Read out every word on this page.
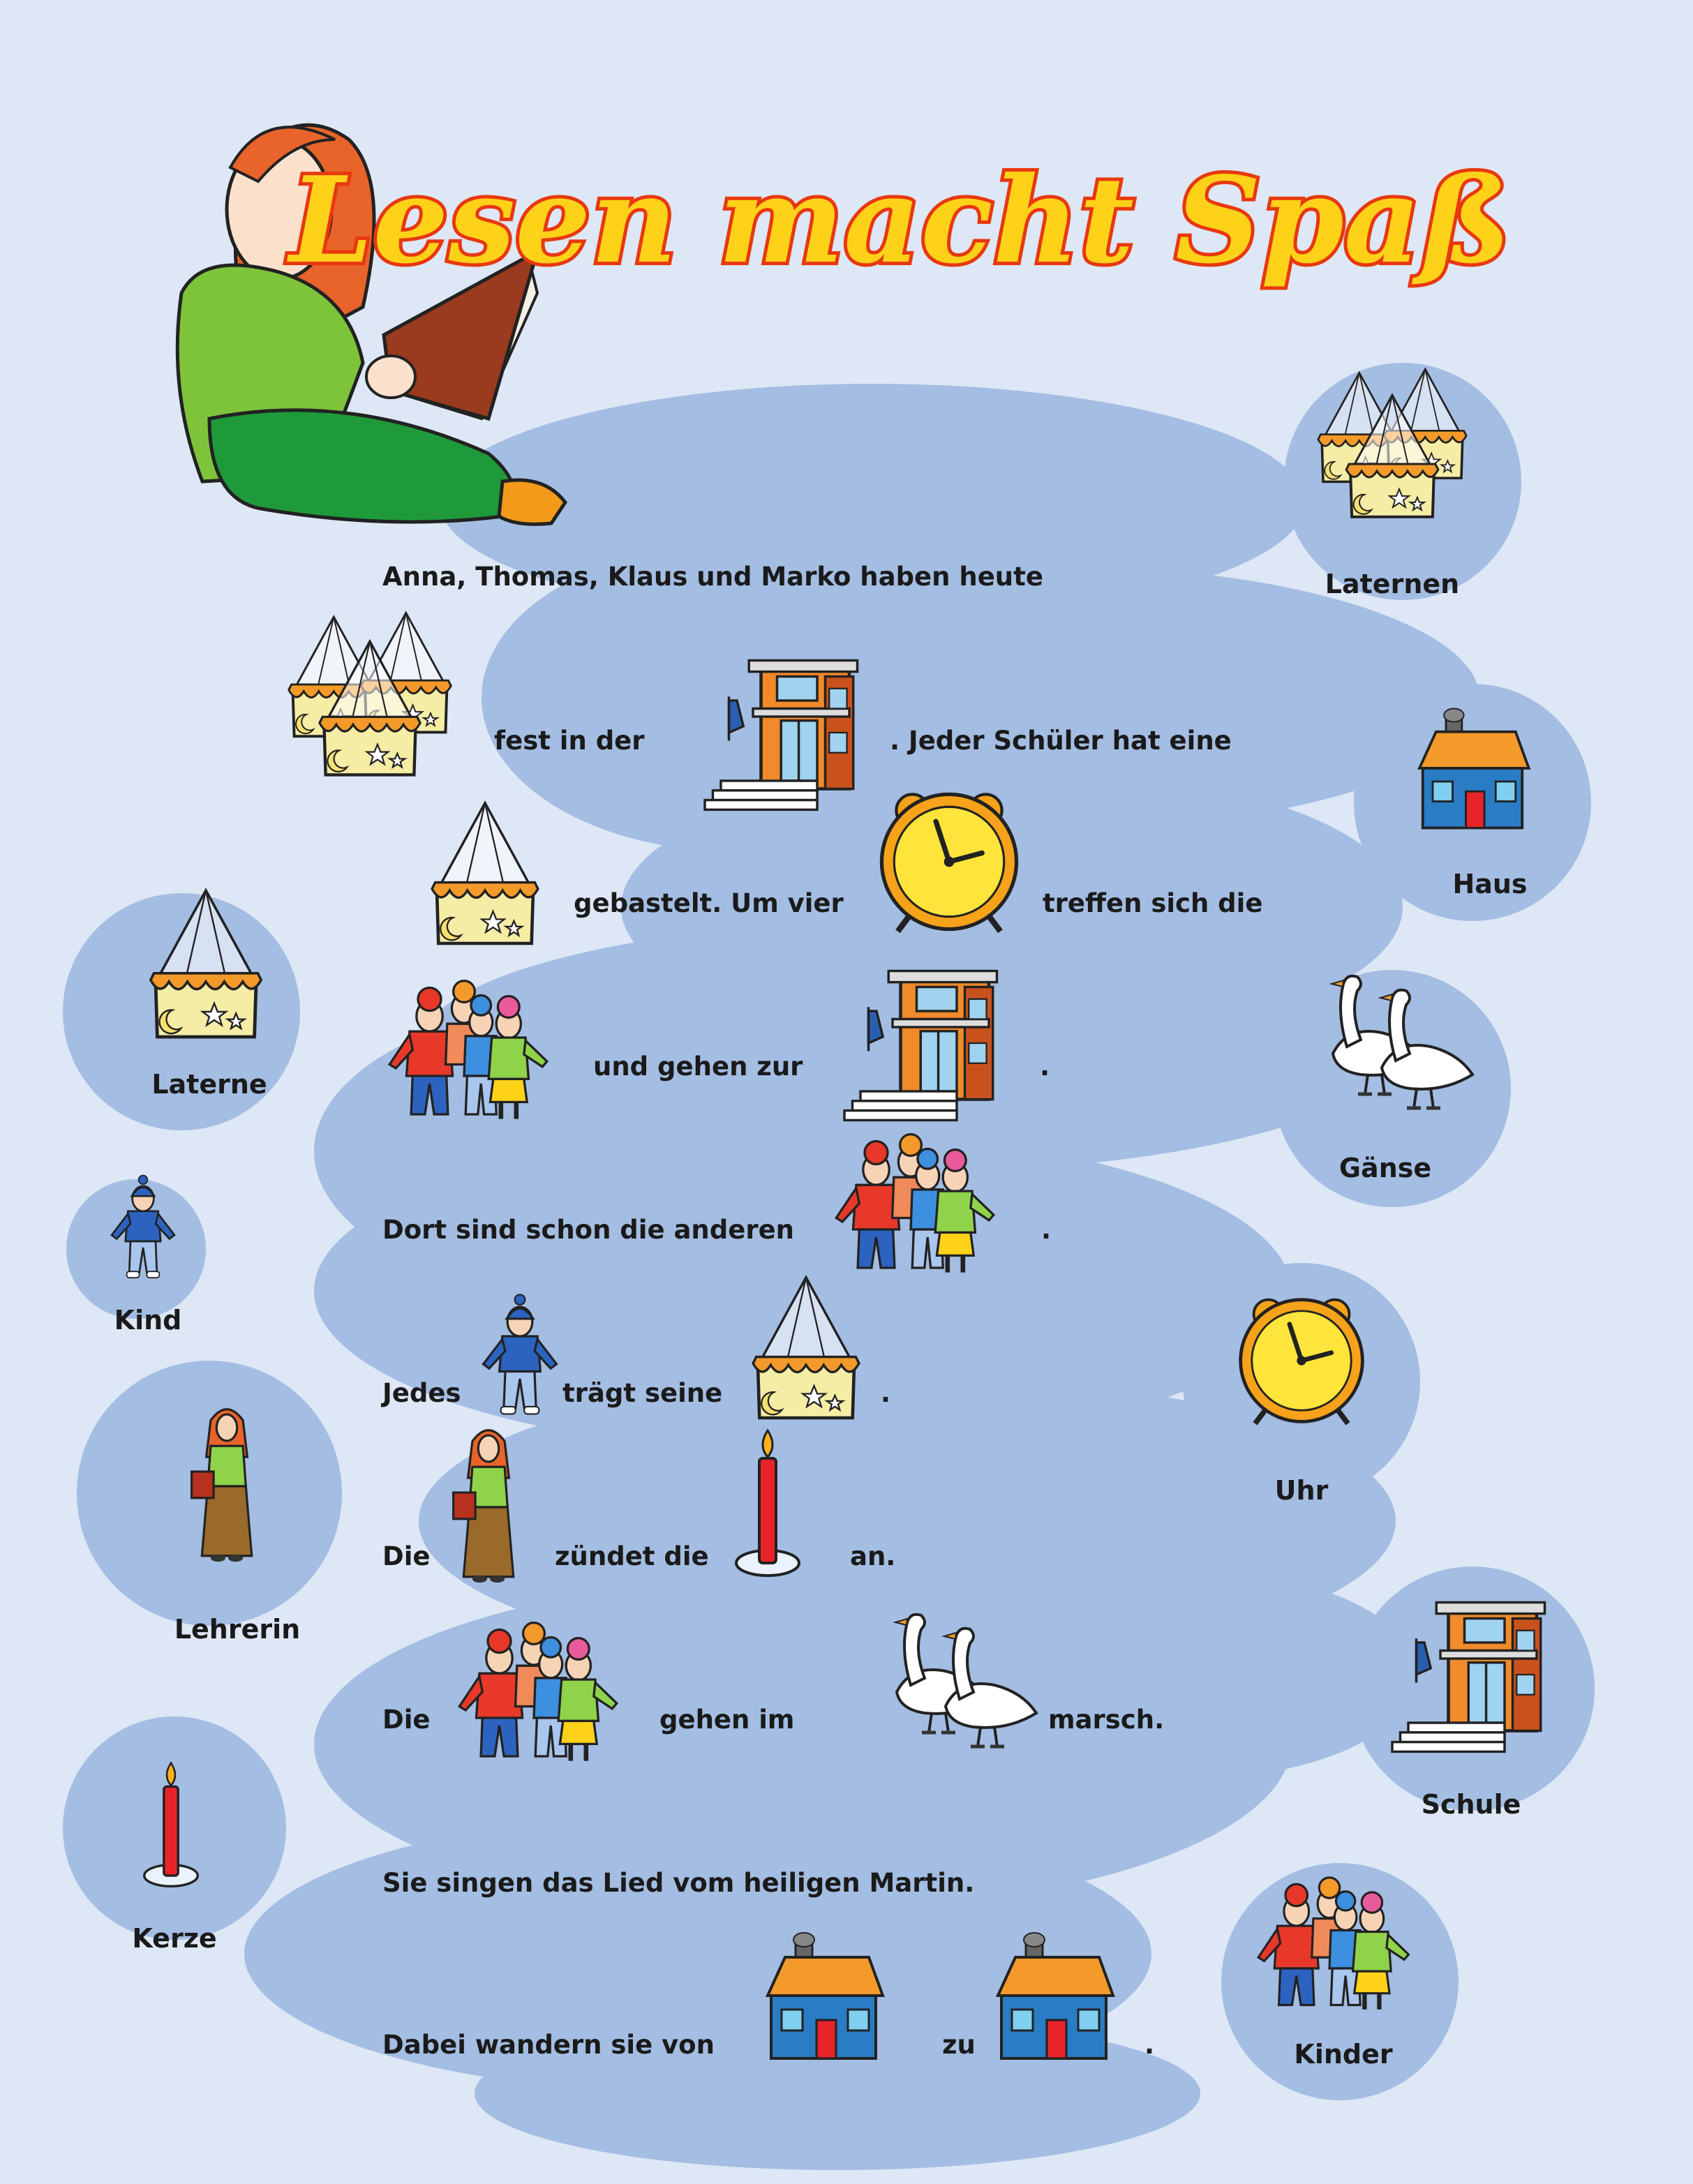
Lesen macht Spaß
Anna, Thomas, Klaus und Marko haben heute
fest in der	. Jeder Schüler hat eine
gebastelt. Um vier	treffen sich die
und gehen zur	.
Dort sind schon die anderen	.
Jedes	trägt seine	.
Die	zündet die	an.
Die	gehen im	marsch.
Sie singen das Lied vom heiligen Martin.
Dabei wandern sie von	zu	.
Laternen
Haus
Gänse
Uhr
Schule
Kinder
Laterne
Kind
Lehrerin
Kerze
